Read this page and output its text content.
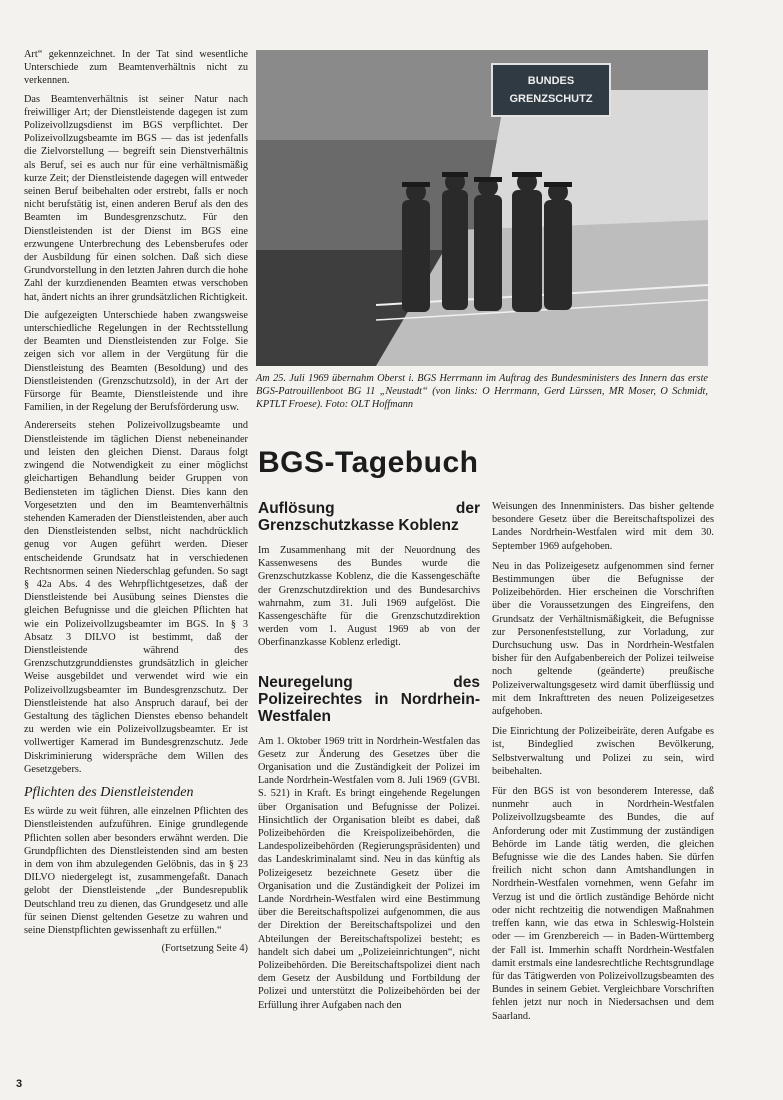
Art“ gekennzeichnet. In der Tat sind wesentliche Unterschiede zum Beamtenverhältnis nicht zu verkennen.

Das Beamtenverhältnis ist seiner Natur nach freiwilliger Art; der Dienstleistende dagegen ist zum Polizeivollzugsdienst im BGS verpflichtet. Der Polizeivollzugsbeamte im BGS — das ist jedenfalls die Zielvorstellung — begreift sein Dienstverhältnis als Beruf, sei es auch nur für eine verhältnismäßig kurze Zeit; der Dienstleistende dagegen will entweder seinen Beruf beibehalten oder erstrebt, falls er noch nicht berufstätig ist, einen anderen Beruf als den des Beamten im Bundesgrenzschutz. Für den Dienstleistenden ist der Dienst im BGS eine erzwungene Unterbrechung des Lebensberufes oder der Ausbildung für einen solchen. Daß sich diese Grundvorstellung in den letzten Jahren durch die hohe Zahl der kurzdienenden Beamten etwas verschoben hat, ändert nichts an ihrer grundsätzlichen Richtigkeit.

Die aufgezeigten Unterschiede haben zwangsweise unterschiedliche Regelungen in der Rechtsstellung der Beamten und Dienstleistenden zur Folge. Sie zeigen sich vor allem in der Vergütung für die Dienstleistung des Beamten (Besoldung) und des Dienstleistenden (Grenzschutzsold), in der Art der Fürsorge für Beamte, Dienstleistende und ihre Familien, in der Regelung der Berufsförderung usw.

Andererseits stehen Polizeivollzugsbeamte und Dienstleistende im täglichen Dienst nebeneinander und leisten den gleichen Dienst. Daraus folgt zwingend die Notwendigkeit zu einer möglichst gleichartigen Behandlung beider Gruppen von Bediensteten im täglichen Dienst. Dies kann den Vorgesetzten und den im Beamtenverhältnis stehenden Kameraden der Dienstleistenden, aber auch den Dienstleistenden selbst, nicht nachdrücklich genug vor Augen geführt werden. Dieser entscheidende Grundsatz hat in verschiedenen Rechtsnormen seinen Niederschlag gefunden. So sagt § 42a Abs. 4 des Wehrpflichtgesetzes, daß der Dienstleistende bei Ausübung seines Dienstes die gleichen Befugnisse und die gleichen Pflichten hat wie ein Polizeivollzugsbeamter im BGS. In § 3 Absatz 3 DILVO ist bestimmt, daß der Dienstleistende während des Grenzschutzgrunddienstes grundsätzlich in gleicher Weise ausgebildet und verwendet wird wie ein Polizeivollzugsbeamter im Bundesgrenzschutz. Der Dienstleistende hat also Anspruch darauf, bei der Gestaltung des täglichen Dienstes ebenso behandelt zu werden wie ein Polizeivollzugsbeamter. Er ist vollwertiger Kamerad im Bundesgrenzschutz. Jede Diskriminierung widerspräche dem Willen des Gesetzgebers.

Pflichten des Dienstleistenden

Es würde zu weit führen, alle einzelnen Pflichten des Dienstleistenden aufzuführen. Einige grundlegende Pflichten sollen aber besonders erwähnt werden. Die Grundpflichten des Dienstleistenden sind am besten in dem von ihm abzulegenden Gelöbnis, das in § 23 DILVO niedergelegt ist, zusammengefaßt. Danach gelobt der Dienstleistende „der Bundesrepublik Deutschland treu zu dienen, das Grundgesetz und alle für seinen Dienst geltenden Gesetze zu wahren und seine Dienstpflichten gewissenhaft zu erfüllen.“

(Fortsetzung Seite 4)

BUNDES
GRENZSCHUTZ
Am 25. Juli 1969 übernahm Oberst i. BGS Herrmann im Auftrag des Bundesministers des Innern das erste BGS-Patrouillenboot BG 11 „Neustadt“ (von links: O Herrmann, Gerd Lürssen, MR Moser, O Schmidt, KPTLT Froese). Foto: OLT Hoffmann
BGS-Tagebuch
Auflösung der Grenzschutzkasse Koblenz

Im Zusammenhang mit der Neuordnung des Kassenwesens des Bundes wurde die Grenzschutzkasse Koblenz, die die Kassengeschäfte der Grenzschutzdirektion und des Bundesarchivs wahrnahm, zum 31. Juli 1969 aufgelöst. Die Kassengeschäfte für die Grenzschutzdirektion werden vom 1. August 1969 ab von der Oberfinanzkasse Koblenz erledigt.

Neuregelung des Polizeirechtes in Nordrhein-Westfalen

Am 1. Oktober 1969 tritt in Nordrhein-Westfalen das Gesetz zur Änderung des Gesetzes über die Organisation und die Zuständigkeit der Polizei im Lande Nordrhein-Westfalen vom 8. Juli 1969 (GVBl. S. 521) in Kraft. Es bringt eingehende Regelungen über Organisation und Befugnisse der Polizei. Hinsichtlich der Organisation bleibt es dabei, daß Polizeibehörden die Kreispolizeibehörden, die Landespolizeibehörden (Regierungspräsidenten) und das Landeskriminalamt sind. Neu in das künftig als Polizeigesetz bezeichnete Gesetz über die Organisation und die Zuständigkeit der Polizei im Lande Nordrhein-Westfalen wird eine Bestimmung über die Bereitschaftspolizei aufgenommen, die aus der Direktion der Bereitschaftspolizei und den Abteilungen der Bereitschaftspolizei besteht; es handelt sich dabei um „Polizeieinrichtungen“, nicht Polizeibehörden. Die Bereitschaftspolizei dient nach dem Gesetz der Ausbildung und Fortbildung der Polizei und unterstützt die Polizeibehörden bei der Erfüllung ihrer Aufgaben nach den

Weisungen des Innenministers. Das bisher geltende besondere Gesetz über die Bereitschaftspolizei des Landes Nordrhein-Westfalen wird mit dem 30. September 1969 aufgehoben.

Neu in das Polizeigesetz aufgenommen sind ferner Bestimmungen über die Befugnisse der Polizeibehörden. Hier erscheinen die Vorschriften über die Voraussetzungen des Eingreifens, den Grundsatz der Verhältnismäßigkeit, die Befugnisse zur Personenfeststellung, zur Vorladung, zur Durchsuchung usw. Das in Nordrhein-Westfalen bisher für den Aufgabenbereich der Polizei teilweise noch geltende (geänderte) preußische Polizeiverwaltungsgesetz wird damit überflüssig und mit dem Inkrafttreten des neuen Polizeigesetzes aufgehoben.

Die Einrichtung der Polizeibeiräte, deren Aufgabe es ist, Bindeglied zwischen Bevölkerung, Selbstverwaltung und Polizei zu sein, wird beibehalten.

Für den BGS ist von besonderem Interesse, daß nunmehr auch in Nordrhein-Westfalen Polizeivollzugsbeamte des Bundes, die auf Anforderung oder mit Zustimmung der zuständigen Behörde im Lande tätig werden, die gleichen Befugnisse wie die des Landes haben. Sie dürfen freilich nicht schon dann Amtshandlungen in Nordrhein-Westfalen vornehmen, wenn Gefahr im Verzug ist und die örtlich zuständige Behörde nicht oder nicht rechtzeitig die notwendigen Maßnahmen treffen kann, wie das etwa in Schleswig-Holstein oder — im Grenzbereich — in Baden-Württemberg der Fall ist. Immerhin schafft Nordrhein-Westfalen damit erstmals eine landesrechtliche Rechtsgrundlage für das Tätigwerden von Polizeivollzugsbeamten des Bundes in seinem Gebiet. Vergleichbare Vorschriften fehlen jetzt nur noch in Niedersachsen und dem Saarland.

3
